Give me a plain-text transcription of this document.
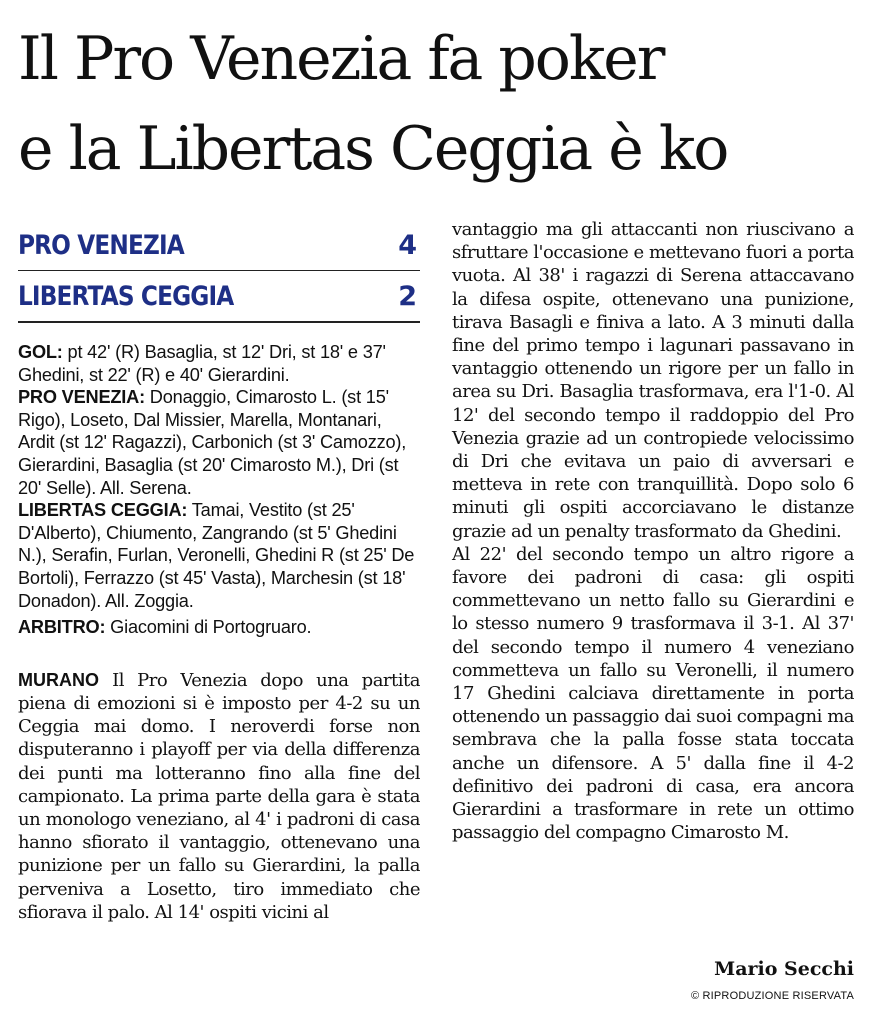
Il Pro Venezia fa poker
e la Libertas Ceggia è ko
PRO VENEZIA	4
LIBERTAS CEGGIA	2

GOL: pt 42' (R) Basaglia, st 12' Dri, st 18' e 37' Ghedini, st 22' (R) e 40' Gierardini.

PRO VENEZIA: Donaggio, Cimarosto L. (st 15' Rigo), Loseto, Dal Missier, Marella, Montanari, Ardit (st 12' Ragazzi), Carbonich (st 3' Camozzo), Gierardini, Basaglia (st 20' Cimarosto M.), Dri (st 20' Selle). All. Serena.

LIBERTAS CEGGIA: Tamai, Vestito (st 25' D'Alberto), Chiumento, Zangrando (st 5' Ghedini N.), Serafin, Furlan, Veronelli, Ghedini R (st 25' De Bortoli), Ferrazzo (st 45' Vasta), Marchesin (st 18' Donadon). All. Zoggia.

ARBITRO: Giacomini di Portogruaro.

MURANO Il Pro Venezia dopo una partita piena di emozioni si è imposto per 4-2 su un Ceggia mai domo. I neroverdi forse non disputeranno i playoff per via della differenza dei punti ma lotteranno fino alla fine del campionato. La prima parte della gara è stata un monologo veneziano, al 4' i padroni di casa hanno sfiorato il vantaggio, ottenevano una punizione per un fallo su Gierardini, la palla perveniva a Losetto, tiro immediato che sfiorava il palo. Al 14' ospiti vicini al

vantaggio ma gli attaccanti non riuscivano a sfruttare l'occasione e mettevano fuori a porta vuota. Al 38' i ragazzi di Serena attaccavano la difesa ospite, ottenevano una punizione, tirava Basagli e finiva a lato. A 3 minuti dalla fine del primo tempo i lagunari passavano in vantaggio ottenendo un rigore per un fallo in area su Dri. Basaglia trasformava, era l'1-0. Al 12' del secondo tempo il raddoppio del Pro Venezia grazie ad un contropiede velocissimo di Dri che evitava un paio di avversari e metteva in rete con tranquillità. Dopo solo 6 minuti gli ospiti accorciavano le distanze grazie ad un penalty trasformato da Ghedini.

Al 22' del secondo tempo un altro rigore a favore dei padroni di casa: gli ospiti commettevano un netto fallo su Gierardini e lo stesso numero 9 trasformava il 3-1. Al 37' del secondo tempo il numero 4 veneziano commetteva un fallo su Veronelli, il numero 17 Ghedini calciava direttamente in porta ottenendo un passaggio dai suoi compagni ma sembrava che la palla fosse stata toccata anche un difensore. A 5' dalla fine il 4-2 definitivo dei padroni di casa, era ancora Gierardini a trasformare in rete un ottimo passaggio del compagno Cimarosto M.

Mario Secchi
© RIPRODUZIONE RISERVATA
